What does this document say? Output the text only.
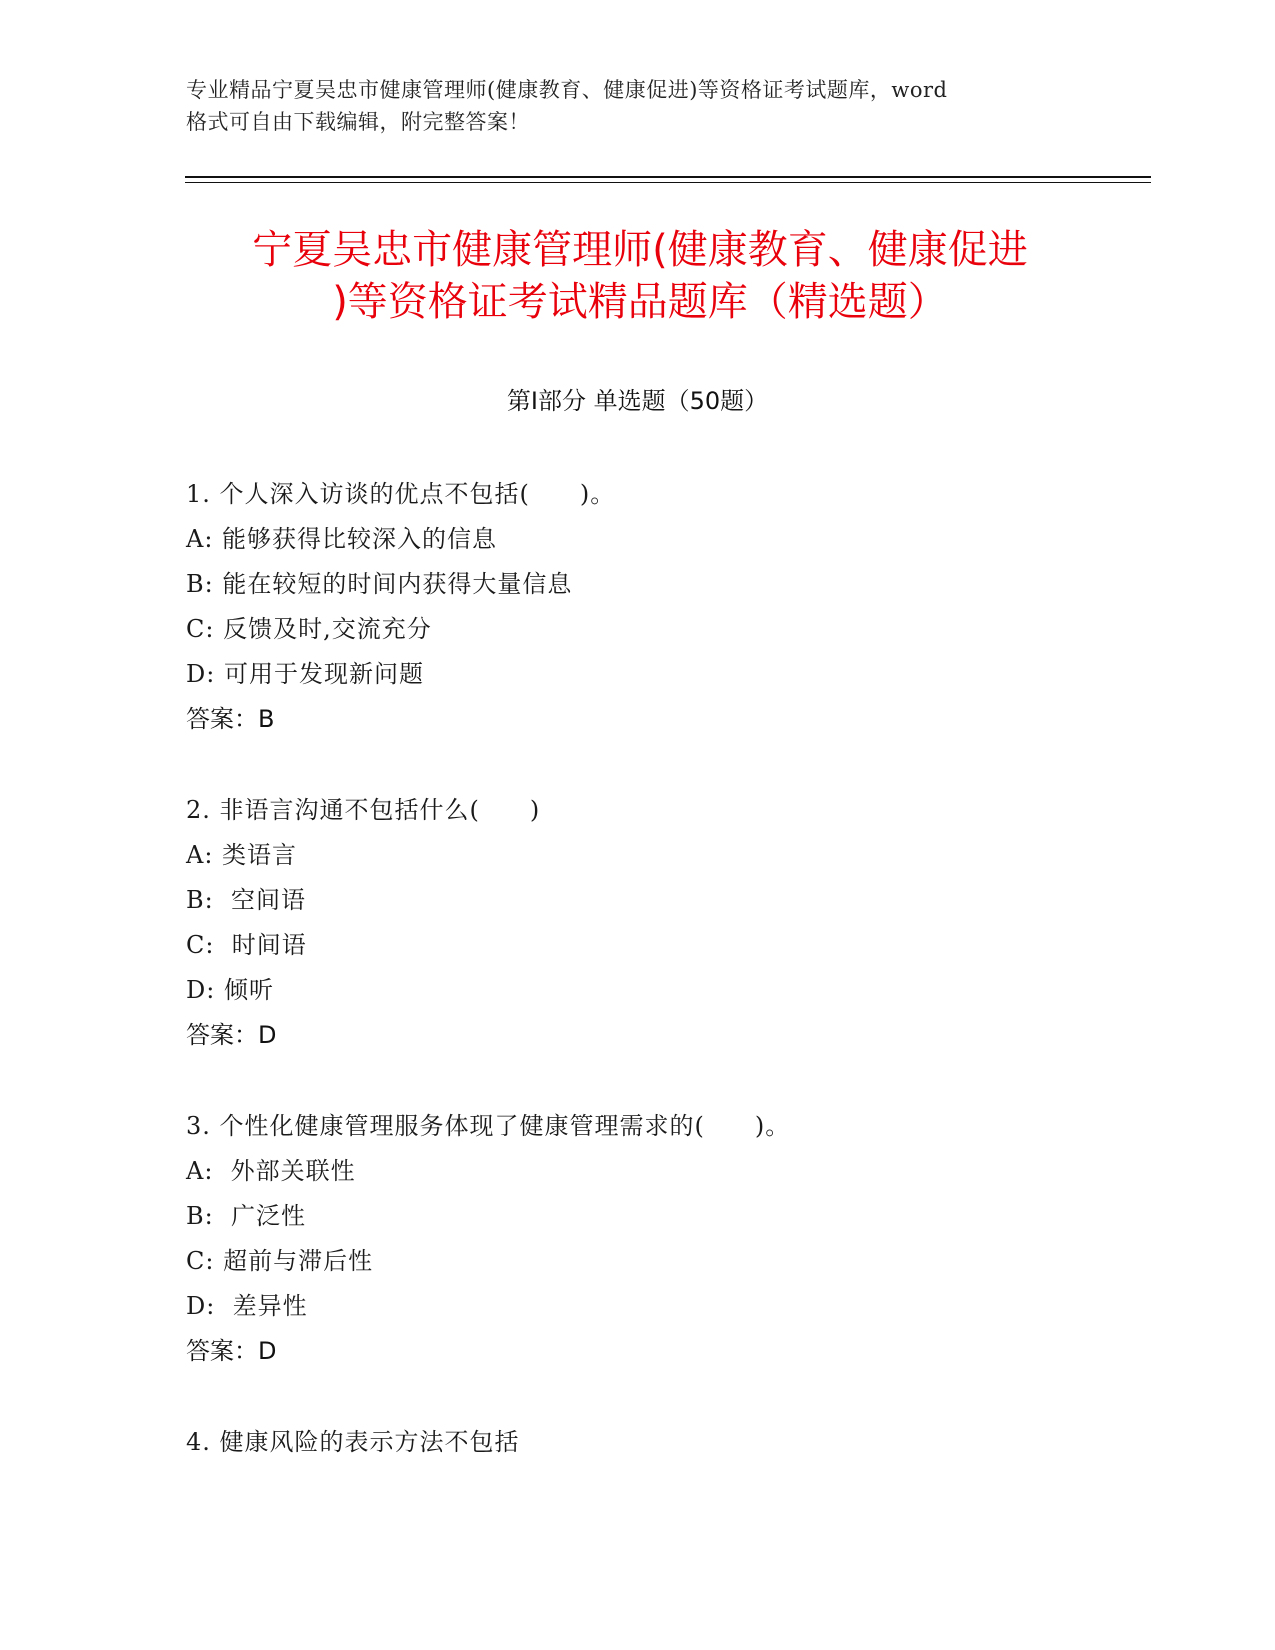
专业精品宁夏吴忠市健康管理师(健康教育、健康促进)等资格证考试题库，word
格式可自由下载编辑，附完整答案！
宁夏吴忠市健康管理师(健康教育、健康促进
)等资格证考试精品题库（精选题）
第Ⅰ部分 单选题（50题）
1. 个人深入访谈的优点不包括(　　)。
A: 能够获得比较深入的信息
B: 能在较短的时间内获得大量信息
C: 反馈及时,交流充分
D: 可用于发现新问题
答案：B
2. 非语言沟通不包括什么(　　)
A: 类语言
B:  空间语
C:  时间语
D: 倾听
答案：D
3. 个性化健康管理服务体现了健康管理需求的(　　)。
A:  外部关联性
B:  广泛性
C: 超前与滞后性
D:  差异性
答案：D
4. 健康风险的表示方法不包括
